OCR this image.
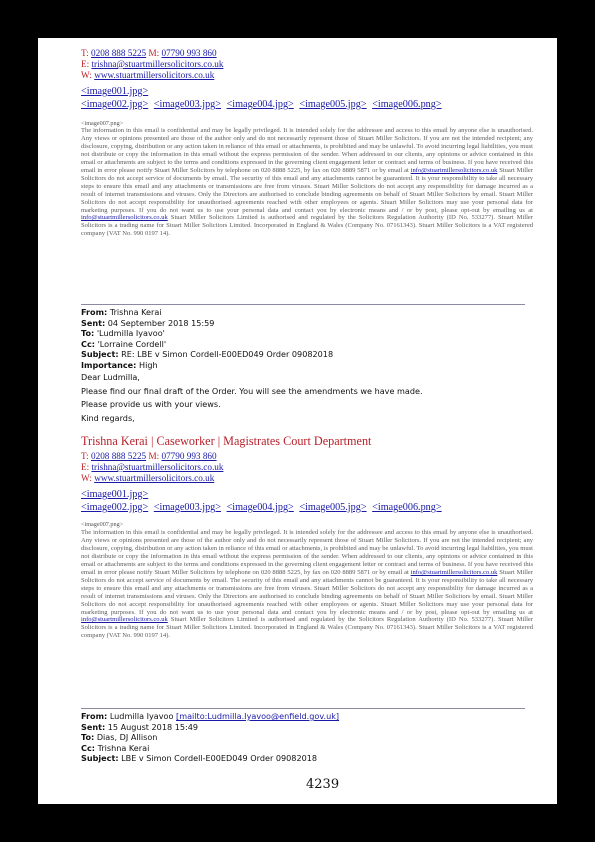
T: 0208 888 5225 M: 07790 993 860
E: trishna@stuartmillersolicitors.co.uk
W: www.stuartmillersolicitors.co.uk
<image001.jpg>
<image002.jpg> <image003.jpg> <image004.jpg> <image005.jpg> <image006.png>
<image007.png>
The information in this email is confidential and may be legally privileged. It is intended solely for the addressee and access to this email by anyone else is unauthorised. Any views or opinions presented are those of the author only and do not necessarily represent those of Stuart Miller Solicitors. If you are not the intended recipient; any disclosure, copying, distribution or any action taken in reliance of this email or attachments, is prohibited and may be unlawful. To avoid incurring legal liabilities, you must not distribute or copy the information in this email without the express permission of the sender. When addressed to our clients, any opinions or advice contained in this email or attachments are subject to the terms and conditions expressed in the governing client engagement letter or contract and terms of business. If you have received this email in error please notify Stuart Miller Solicitors by telephone on 020 8888 5225, by fax on 020 8889 5871 or by email at info@stuartmillersolicitors.co.uk Stuart Miller Solicitors do not accept service of documents by email. The security of this email and any attachments cannot be guaranteed. It is your responsibility to take all necessary steps to ensure this email and any attachments or transmissions are free from viruses. Stuart Miller Solicitors do not accept any responsibility for damage incurred as a result of internet transmissions and viruses. Only the Directors are authorised to conclude binding agreements on behalf of Stuart Miller Solicitors by email. Stuart Miller Solicitors do not accept responsibility for unauthorised agreements reached with other employees or agents. Stuart Miller Solicitors may use your personal data for marketing purposes. If you do not want us to use your personal data and contact you by electronic means and / or by post, please opt-out by emailing us at info@stuartmillersolicitors.co.uk Stuart Miller Solicitors Limited is authorised and regulated by the Solicitors Regulation Authority (ID No. 533277). Stuart Miller Solicitors is a trading name for Stuart Miller Solicitors Limited. Incorporated in England & Wales (Company No. 07161343). Stuart Miller Solicitors is a VAT registered company (VAT No. 990 0197 14).
From: Trishna Kerai
Sent: 04 September 2018 15:59
To: 'Ludmilla Iyavoo'
Cc: 'Lorraine Cordell'
Subject: RE: LBE v Simon Cordell-E00ED049 Order 09082018
Importance: High
Dear Ludmilla,
Please find our final draft of the Order. You will see the amendments we have made.
Please provide us with your views.
Kind regards,
Trishna Kerai | Caseworker | Magistrates Court Department
T: 0208 888 5225 M: 07790 993 860
E: trishna@stuartmillersolicitors.co.uk
W: www.stuartmillersolicitors.co.uk
<image001.jpg>
<image002.jpg> <image003.jpg> <image004.jpg> <image005.jpg> <image006.png>
<image007.png>
The information in this email is confidential and may be legally privileged. It is intended solely for the addressee and access to this email by anyone else is unauthorised. Any views or opinions presented are those of the author only and do not necessarily represent those of Stuart Miller Solicitors. If you are not the intended recipient; any disclosure, copying, distribution or any action taken in reliance of this email or attachments, is prohibited and may be unlawful. To avoid incurring legal liabilities, you must not distribute or copy the information in this email without the express permission of the sender. When addressed to our clients, any opinions or advice contained in this email or attachments are subject to the terms and conditions expressed in the governing client engagement letter or contract and terms of business. If you have received this email in error please notify Stuart Miller Solicitors by telephone on 020 8888 5225, by fax on 020 8889 5871 or by email at info@stuartmillersolicitors.co.uk Stuart Miller Solicitors do not accept service of documents by email. The security of this email and any attachments cannot be guaranteed. It is your responsibility to take all necessary steps to ensure this email and any attachments or transmissions are free from viruses. Stuart Miller Solicitors do not accept any responsibility for damage incurred as a result of internet transmissions and viruses. Only the Directors are authorised to conclude binding agreements on behalf of Stuart Miller Solicitors by email. Stuart Miller Solicitors do not accept responsibility for unauthorised agreements reached with other employees or agents. Stuart Miller Solicitors may use your personal data for marketing purposes. If you do not want us to use your personal data and contact you by electronic means and / or by post, please opt-out by emailing us at info@stuartmillersolicitors.co.uk Stuart Miller Solicitors Limited is authorised and regulated by the Solicitors Regulation Authority (ID No. 533277). Stuart Miller Solicitors is a trading name for Stuart Miller Solicitors Limited. Incorporated in England & Wales (Company No. 07161343). Stuart Miller Solicitors is a VAT registered company (VAT No. 990 0197 14).
From: Ludmilla Iyavoo [mailto:Ludmilla.Iyavoo@enfield.gov.uk]
Sent: 15 August 2018 15:49
To: Dias, DJ Allison
Cc: Trishna Kerai
Subject: LBE v Simon Cordell-E00ED049 Order 09082018
4239
